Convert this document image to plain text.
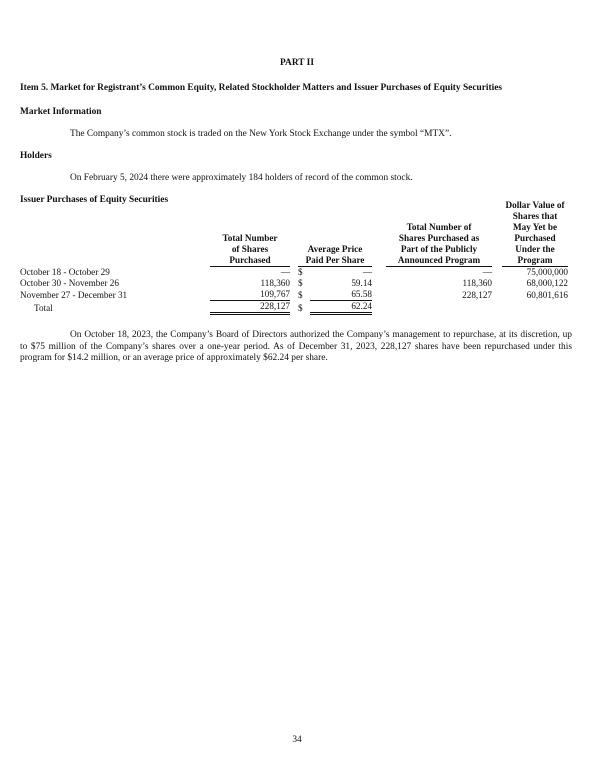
PART II
Item 5. Market for Registrant’s Common Equity, Related Stockholder Matters and Issuer Purchases of Equity Securities
Market Information
The Company’s common stock is traded on the New York Stock Exchange under the symbol “MTX”.
Holders
On February 5, 2024 there were approximately 184 holders of record of the common stock.
Issuer Purchases of Equity Securities
									Dollar Value of
								Shares that
						Total Number of		May Yet be
	Total Number					Shares Purchased as		Purchased
	of Shares		Average Price			Part of the Publicly		Under the
	Purchased		Paid Per Share			Announced Program		Program
October 18 - October 29	—		$	—		—		75,000,000
October 30 - November 26	118,360		$	59.14		118,360		68,000,122
November 27 - December 31	109,767		$	65.58		228,127		60,801,616
Total	228,127		$	62.24				
On October 18, 2023, the Company’s Board of Directors authorized the Company’s management to repurchase, at its discretion, up to $75 million of the Company’s shares over a one-year period. As of December 31, 2023, 228,127 shares have been repurchased under this program for $14.2 million, or an average price of approximately $62.24 per share.
34
